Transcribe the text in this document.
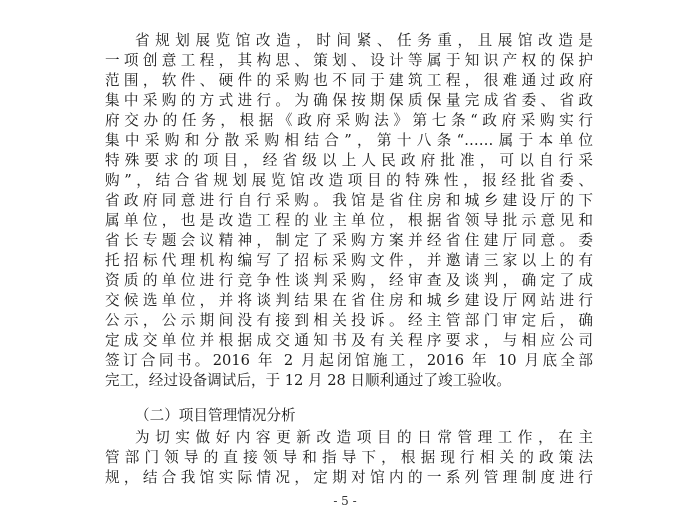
省规划展览馆改造，时间紧、任务重，且展馆改造是
一项创意工程，其构思、策划、设计等属于知识产权的保护
范围，软件、硬件的采购也不同于建筑工程，很难通过政府
集中采购的方式进行。为确保按期保质保量完成省委、省政
府交办的任务，根据《政府采购法》第七条“政府采购实行
集中采购和分散采购相结合”，第十八条“……属于本单位
特殊要求的项目，经省级以上人民政府批准，可以自行采
购”，结合省规划展览馆改造项目的特殊性，报经批省委、
省政府同意进行自行采购。我馆是省住房和城乡建设厅的下
属单位，也是改造工程的业主单位，根据省领导批示意见和
省长专题会议精神，制定了采购方案并经省住建厅同意。委
托招标代理机构编写了招标采购文件，并邀请三家以上的有
资质的单位进行竞争性谈判采购，经审查及谈判，确定了成
交候选单位，并将谈判结果在省住房和城乡建设厅网站进行
公示，公示期间没有接到相关投诉。经主管部门审定后，确
定成交单位并根据成交通知书及有关程序要求，与相应公司
签订合同书。2016 年 2 月起闭馆施工，2016 年 10 月底全部
完工，经过设备调试后，于 12 月 28 日顺利通过了竣工验收。
（二）项目管理情况分析
为切实做好内容更新改造项目的日常管理工作，在主
管部门领导的直接领导和指导下，根据现行相关的政策法
规，结合我馆实际情况，定期对馆内的一系列管理制度进行
- 5 -
